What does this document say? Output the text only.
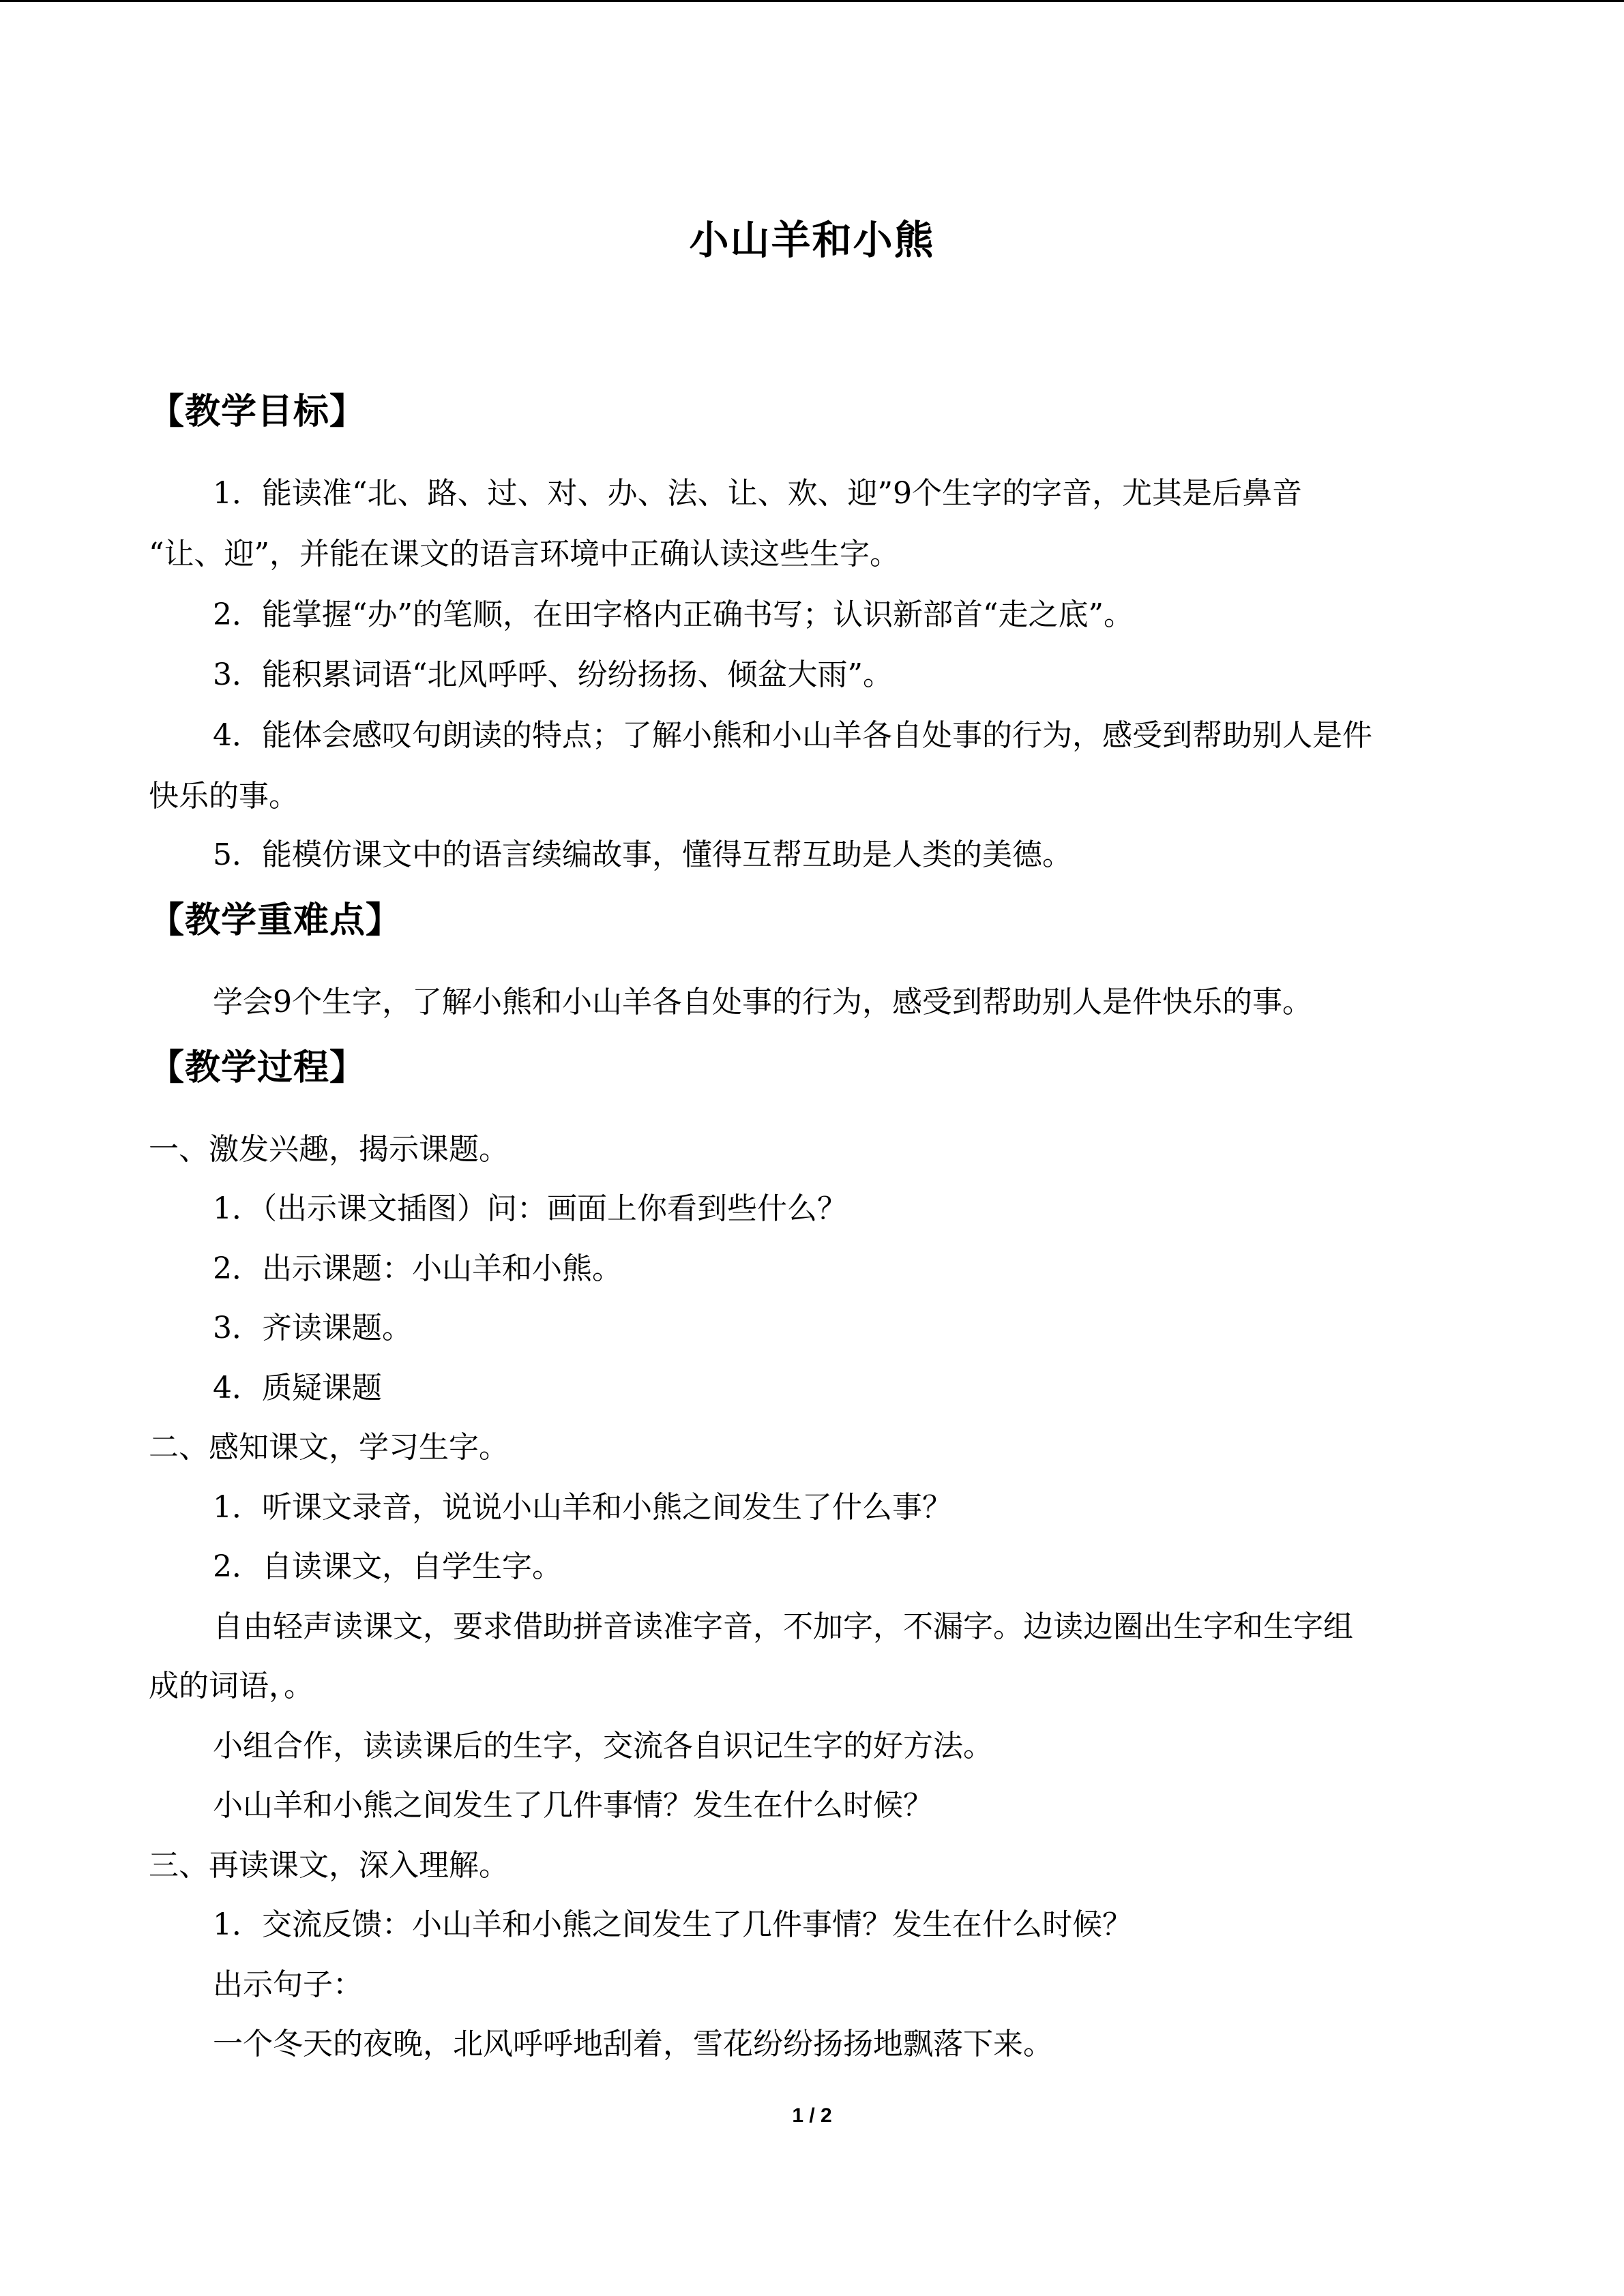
小山羊和小熊
【教学目标】
1．能读准“北、路、过、对、办、法、让、欢、迎”9个生字的字音，尤其是后鼻音
“让、迎”，并能在课文的语言环境中正确认读这些生字。
2．能掌握“办”的笔顺，在田字格内正确书写；认识新部首“走之底”。
3．能积累词语“北风呼呼、纷纷扬扬、倾盆大雨”。
4．能体会感叹句朗读的特点；了解小熊和小山羊各自处事的行为，感受到帮助别人是件
快乐的事。
5．能模仿课文中的语言续编故事，懂得互帮互助是人类的美德。
【教学重难点】
学会9个生字，了解小熊和小山羊各自处事的行为，感受到帮助别人是件快乐的事。
【教学过程】
一、激发兴趣，揭示课题。
1．（出示课文插图）问：画面上你看到些什么？
2．出示课题：小山羊和小熊。
3．齐读课题。
4．质疑课题
二、感知课文，学习生字。
1．听课文录音，说说小山羊和小熊之间发生了什么事？
2．自读课文，自学生字。
自由轻声读课文，要求借助拼音读准字音，不加字，不漏字。边读边圈出生字和生字组
成的词语，。
小组合作，读读课后的生字，交流各自识记生字的好方法。
小山羊和小熊之间发生了几件事情？发生在什么时候？
三、再读课文，深入理解。
1．交流反馈：小山羊和小熊之间发生了几件事情？发生在什么时候？
出示句子：
一个冬天的夜晚，北风呼呼地刮着，雪花纷纷扬扬地飘落下来。
1 / 2
